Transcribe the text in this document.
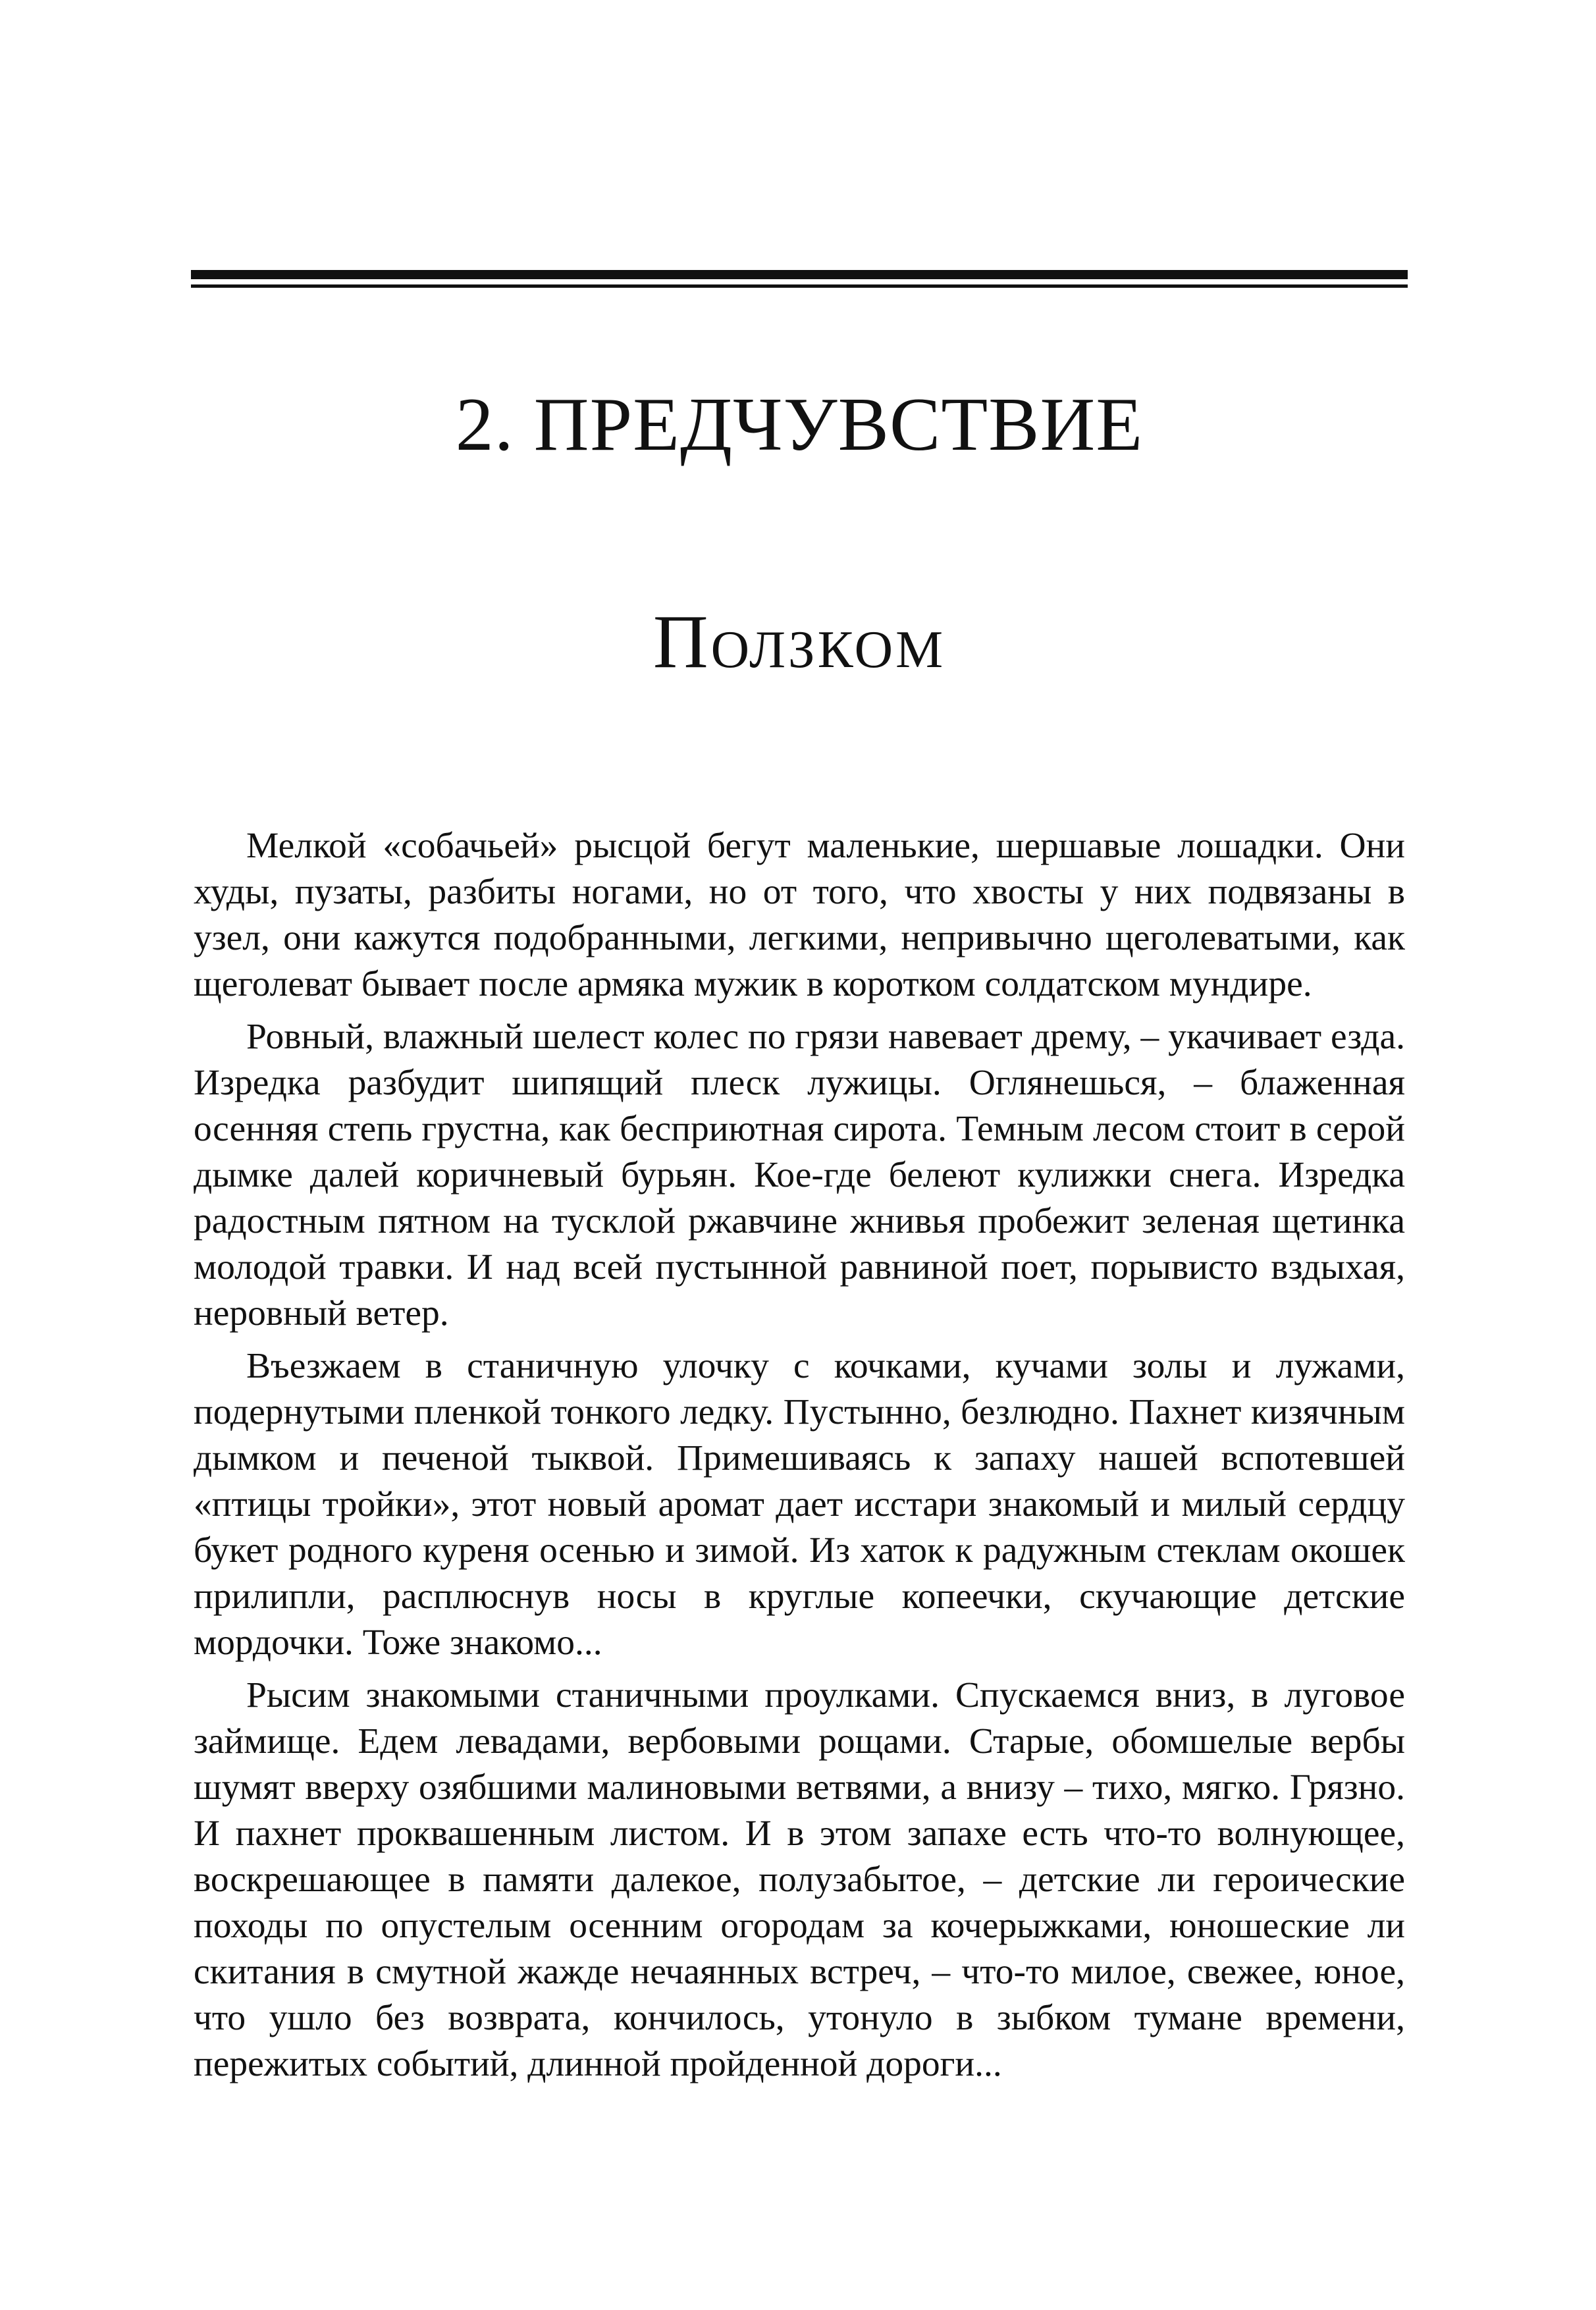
2. ПРЕДЧУВСТВИЕ
Ползком

Мелкой «собачьей» рысцой бегут маленькие, шершавые лошадки. Они худы, пузаты, разбиты ногами, но от того, что хвосты у них подвязаны в узел, они кажутся подобранными, легкими, непривычно щеголеватыми, как щеголеват бывает после армяка мужик в коротком солдатском мундире.

Ровный, влажный шелест колес по грязи навевает дрему, – укачивает езда. Изредка разбудит шипящий плеск лужицы. Оглянешься, – блаженная осенняя степь грустна, как бесприютная сирота. Темным лесом стоит в серой дымке далей коричневый бурьян. Кое-где белеют кулижки снега. Изредка радостным пятном на тусклой ржавчине жнивья пробежит зеленая щетинка молодой травки. И над всей пустынной равниной поет, порывисто вздыхая, неровный ветер.

Въезжаем в станичную улочку с кочками, кучами золы и лужами, подернутыми пленкой тонкого ледку. Пустынно, безлюдно. Пахнет кизячным дымком и печеной тыквой. Примешиваясь к запаху нашей вспотевшей «птицы тройки», этот новый аромат дает исстари знакомый и милый сердцу букет родного куреня осенью и зимой. Из хаток к радужным стеклам окошек прилипли, расплюснув носы в круглые копеечки, скучающие детские мордочки. Тоже знакомо...

Рысим знакомыми станичными проулками. Спускаемся вниз, в луговое займище. Едем левадами, вербовыми рощами. Старые, обомшелые вербы шумят вверху озябшими малиновыми ветвями, а внизу – тихо, мягко. Грязно. И пахнет проквашенным листом. И в этом запахе есть что-то волнующее, воскрешающее в памяти далекое, полузабытое, – детские ли героические походы по опустелым осенним огородам за кочерыжками, юношеские ли скитания в смутной жажде нечаянных встреч, – что-то милое, свежее, юное, что ушло без возврата, кончилось, утонуло в зыбком тумане времени, пережитых событий, длинной пройденной дороги...
